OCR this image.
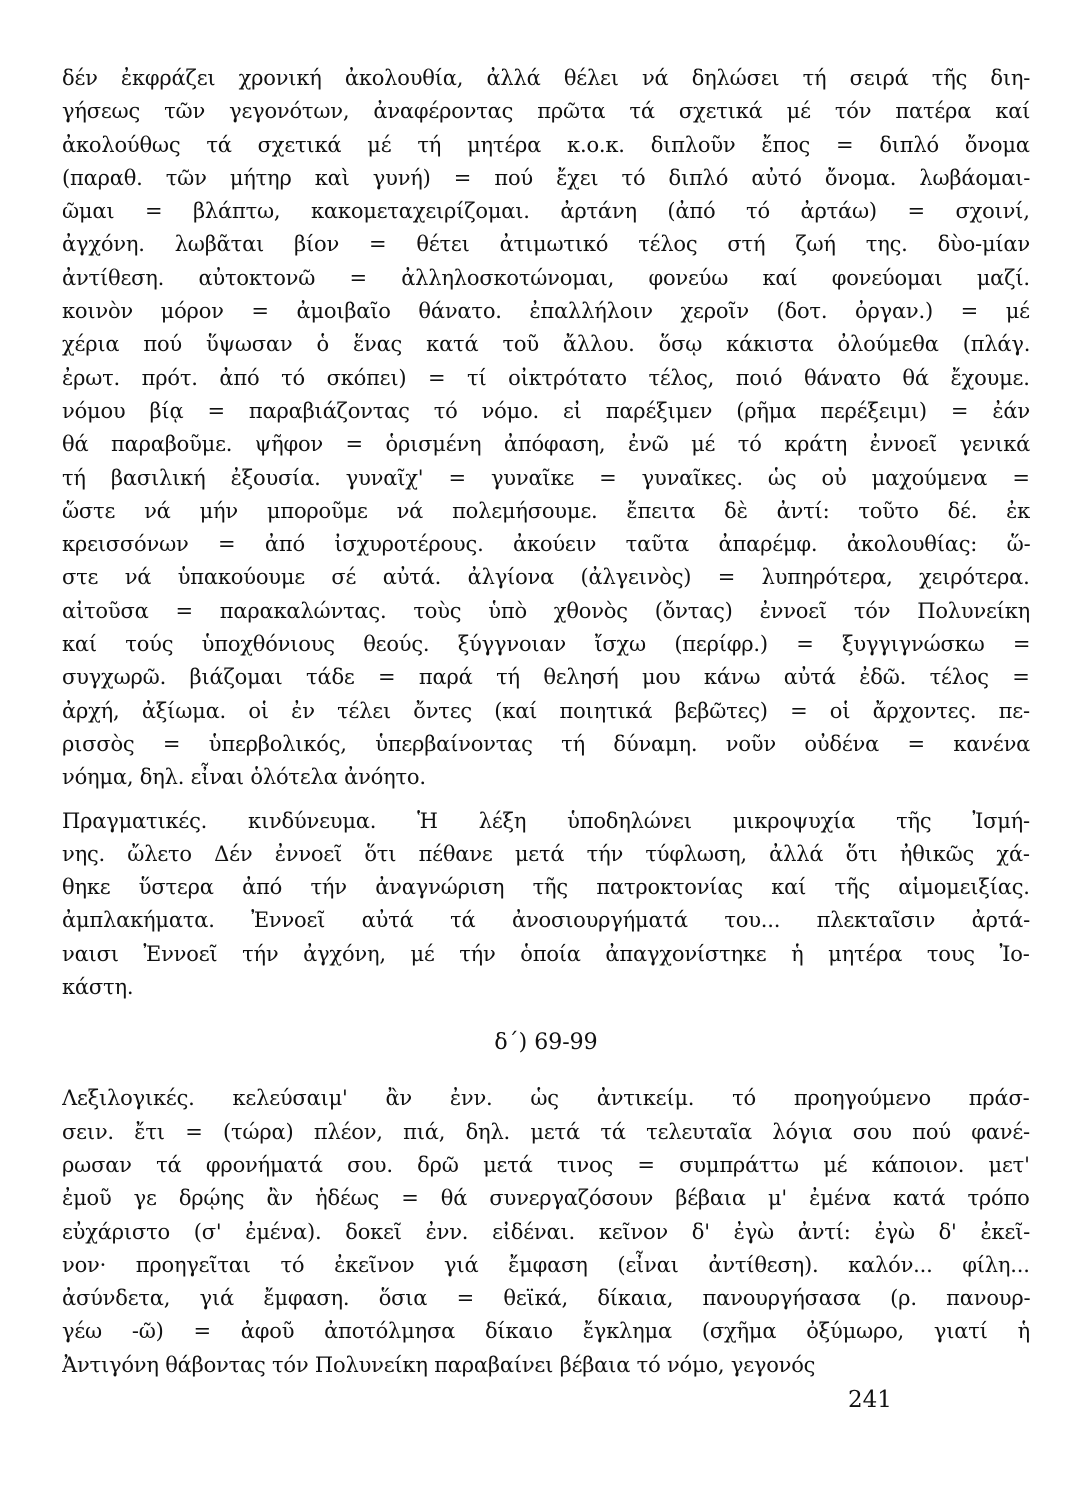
δέν ἐκφράζει χρονική ἀκολουθία, ἀλλά θέλει νά δηλώσει τή σειρά τῆς διη-
γήσεως τῶν γεγονότων, ἀναφέροντας πρῶτα τά σχετικά μέ τόν πατέρα καί
ἀκολούθως τά σχετικά μέ τή μητέρα κ.ο.κ. διπλοῦν ἔπος = διπλό ὄνομα
(παραθ. τῶν μήτηρ καὶ γυνή) = πού ἔχει τό διπλό αὐτό ὄνομα. λωβάομαι-
ῶμαι = βλάπτω, κακομεταχειρίζομαι. ἀρτάνη (ἀπό τό ἀρτάω) = σχοινί,
ἀγχόνη. λωβᾶται βίον = θέτει ἀτιμωτικό τέλος στή ζωή της. δὺο-μίαν
ἀντίθεση. αὐτοκτονῶ = ἀλληλοσκοτώνομαι, φονεύω καί φονεύομαι μαζί.
κοινὸν μόρον = ἀμοιβαῖο θάνατο. ἐπαλλήλοιν χεροῖν (δοτ. ὀργαν.) = μέ
χέρια πού ὕψωσαν ὁ ἕνας κατά τοῦ ἄλλου. ὅσῳ κάκιστα ὀλούμεθα (πλάγ.
ἐρωτ. πρότ. ἀπό τό σκόπει) = τί οἰκτρότατο τέλος, ποιό θάνατο θά ἔχουμε.
νόμου βίᾳ = παραβιάζοντας τό νόμο. εἰ παρέξιμεν (ρῆμα περέξειμι) = ἐάν
θά παραβοῦμε. ψῆφον = ὁρισμένη ἀπόφαση, ἐνῶ μέ τό κράτη ἐννοεῖ γενικά
τή βασιλική ἐξουσία. γυναῖχ' = γυναῖκε = γυναῖκες. ὡς οὐ μαχούμενα =
ὥστε νά μήν μποροῦμε νά πολεμήσουμε. ἔπειτα δὲ ἀντί: τοῦτο δέ. ἐκ
κρεισσόνων = ἀπό ἰσχυροτέρους. ἀκούειν ταῦτα ἀπαρέμφ. ἀκολουθίας: ὥ-
στε νά ὑπακούουμε σέ αὐτά. ἀλγίονα (ἀλγεινὸς) = λυπηρότερα, χειρότερα.
αἰτοῦσα = παρακαλώντας. τοὺς ὑπὸ χθονὸς (ὄντας) ἐννοεῖ τόν Πολυνείκη
καί τούς ὑποχθόνιους θεούς. ξύγγνοιαν ἴσχω (περίφρ.) = ξυγγιγνώσκω =
συγχωρῶ. βιάζομαι τάδε = παρά τή θελησή μου κάνω αὐτά ἐδῶ. τέλος =
ἀρχή, ἀξίωμα. οἱ ἐν τέλει ὄντες (καί ποιητικά βεβῶτες) = οἱ ἄρχοντες. πε-
ρισσὸς = ὑπερβολικός, ὑπερβαίνοντας τή δύναμη. νοῦν οὐδένα = κανένα
νόημα, δηλ. εἶναι ὁλότελα ἀνόητο.
Πραγματικές. κινδύνευμα. Ἡ λέξη ὑποδηλώνει μικροψυχία τῆς Ἰσμή-
νης. ὤλετο Δέν ἐννοεῖ ὅτι πέθανε μετά τήν τύφλωση, ἀλλά ὅτι ἠθικῶς χά-
θηκε ὕστερα ἀπό τήν ἀναγνώριση τῆς πατροκτονίας καί τῆς αἱμομειξίας.
ἀμπλακήματα. Ἐννοεῖ αὐτά τά ἀνοσιουργήματά του... πλεκταῖσιν ἀρτά-
ναισι Ἐννοεῖ τήν ἀγχόνη, μέ τήν ὁποία ἀπαγχονίστηκε ἡ μητέρα τους Ἰο-
κάστη.
δ΄) 69-99
Λεξιλογικές. κελεύσαιμ' ἂν ἐνν. ὡς ἀντικείμ. τό προηγούμενο πράσ-
σειν. ἔτι = (τώρα) πλέον, πιά, δηλ. μετά τά τελευταῖα λόγια σου πού φανέ-
ρωσαν τά φρονήματά σου. δρῶ μετά τινος = συμπράττω μέ κάποιον. μετ'
ἐμοῦ γε δρῴης ἂν ἡδέως = θά συνεργαζόσουν βέβαια μ' ἐμένα κατά τρόπο
εὐχάριστο (σ' ἐμένα). δοκεῖ ἐνν. εἰδέναι. κεῖνον δ' ἐγὼ ἀντί: ἐγὼ δ' ἐκεῖ-
νον· προηγεῖται τό ἐκεῖνον γιά ἔμφαση (εἶναι ἀντίθεση). καλόν... φίλη...
ἀσύνδετα, γιά ἔμφαση. ὅσια = θεϊκά, δίκαια, πανουργήσασα (ρ. πανουρ-
γέω -ῶ) = ἀφοῦ ἀποτόλμησα δίκαιο ἔγκλημα (σχῆμα ὀξύμωρο, γιατί ἡ
Ἀντιγόνη θάβοντας τόν Πολυνείκη παραβαίνει βέβαια τό νόμο, γεγονός
241
